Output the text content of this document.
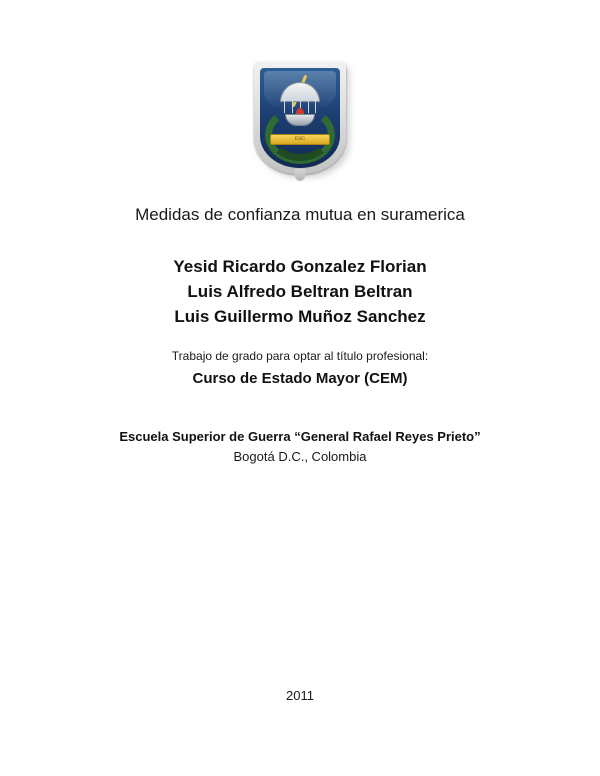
ESG
Medidas de confianza mutua en suramerica
Yesid Ricardo Gonzalez Florian
Luis Alfredo Beltran Beltran
Luis Guillermo Muñoz Sanchez
Trabajo de grado para optar al título profesional:
Curso de Estado Mayor (CEM)
Escuela Superior de Guerra “General Rafael Reyes Prieto”
Bogotá D.C., Colombia
2011
